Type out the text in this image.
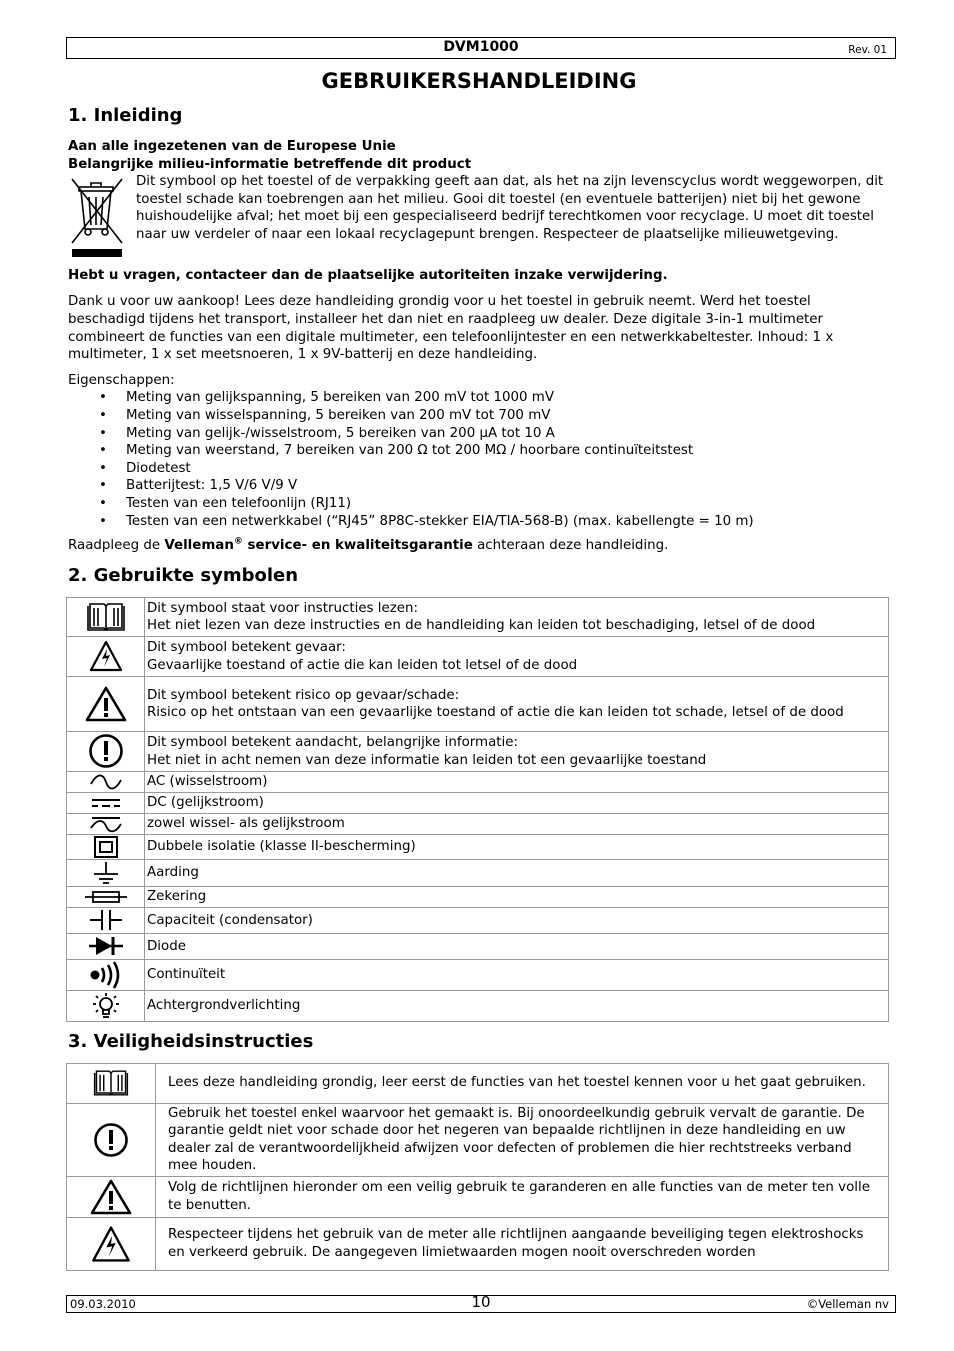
DVM1000	Rev. 01
GEBRUIKERSHANDLEIDING
1. Inleiding

Aan alle ingezetenen van de Europese Unie

Belangrijke milieu-informatie betreffende dit product

Dit symbool op het toestel of de verpakking geeft aan dat, als het na zijn levenscyclus wordt weggeworpen, dit toestel schade kan toebrengen aan het milieu. Gooi dit toestel (en eventuele batterijen) niet bij het gewone huishoudelijke afval; het moet bij een gespecialiseerd bedrijf terechtkomen voor recyclage. U moet dit toestel naar uw verdeler of naar een lokaal recyclagepunt brengen. Respecteer de plaatselijke milieuwetgeving.

Hebt u vragen, contacteer dan de plaatselijke autoriteiten inzake verwijdering.

Dank u voor uw aankoop! Lees deze handleiding grondig voor u het toestel in gebruik neemt. Werd het toestel beschadigd tijdens het transport, installeer het dan niet en raadpleeg uw dealer. Deze digitale 3-in-1 multimeter combineert de functies van een digitale multimeter, een telefoonlijntester en een netwerkkabeltester. Inhoud: 1 x multimeter, 1 x set meetsnoeren, 1 x 9V-batterij en deze handleiding.

Eigenschappen:

• Meting van gelijkspanning, 5 bereiken van 200 mV tot 1000 mV
• Meting van wisselspanning, 5 bereiken van 200 mV tot 700 mV
• Meting van gelijk-/wisselstroom, 5 bereiken van 200 µA tot 10 A
• Meting van weerstand, 7 bereiken van 200 Ω tot 200 MΩ / hoorbare continuïteitstest
• Diodetest
• Batterijtest: 1,5 V/6 V/9 V
• Testen van een telefoonlijn (RJ11)
• Testen van een netwerkkabel (“RJ45” 8P8C-stekker EIA/TIA-568-B) (max. kabellengte = 10 m)

Raadpleeg de Velleman® service- en kwaliteitsgarantie achteraan deze handleiding.

2. Gebruikte symbolen

Dit symbool staat voor instructies lezen:
Het niet lezen van deze instructies en de handleiding kan leiden tot beschadiging, letsel of de dood

Dit symbool betekent gevaar:
Gevaarlijke toestand of actie die kan leiden tot letsel of de dood

Dit symbool betekent risico op gevaar/schade:
Risico op het ontstaan van een gevaarlijke toestand of actie die kan leiden tot schade, letsel of de dood

Dit symbool betekent aandacht, belangrijke informatie:
Het niet in acht nemen van deze informatie kan leiden tot een gevaarlijke toestand

	AC (wisselstroom)

	DC (gelijkstroom)

	zowel wissel- als gelijkstroom

	Dubbele isolatie (klasse II-bescherming)

	Aarding

	Zekering

	Capaciteit (condensator)

	Diode

	Continuïteit

	Achtergrondverlichting
3. Veiligheidsinstructies
	Lees deze handleiding grondig, leer eerst de functies van het toestel kennen voor u het gaat gebruiken.

	Gebruik het toestel enkel waarvoor het gemaakt is. Bij onoordeelkundig gebruik vervalt de garantie. De garantie geldt niet voor schade door het negeren van bepaalde richtlijnen in deze handleiding en uw dealer zal de verantwoordelijkheid afwijzen voor defecten of problemen die hier rechtstreeks verband mee houden.

	Volg de richtlijnen hieronder om een veilig gebruik te garanderen en alle functies van de meter ten volle te benutten.

	Respecteer tijdens het gebruik van de meter alle richtlijnen aangaande beveiliging tegen elektroshocks en verkeerd gebruik. De aangegeven limietwaarden mogen nooit overschreden worden
09.03.2010	10	©Velleman nv
